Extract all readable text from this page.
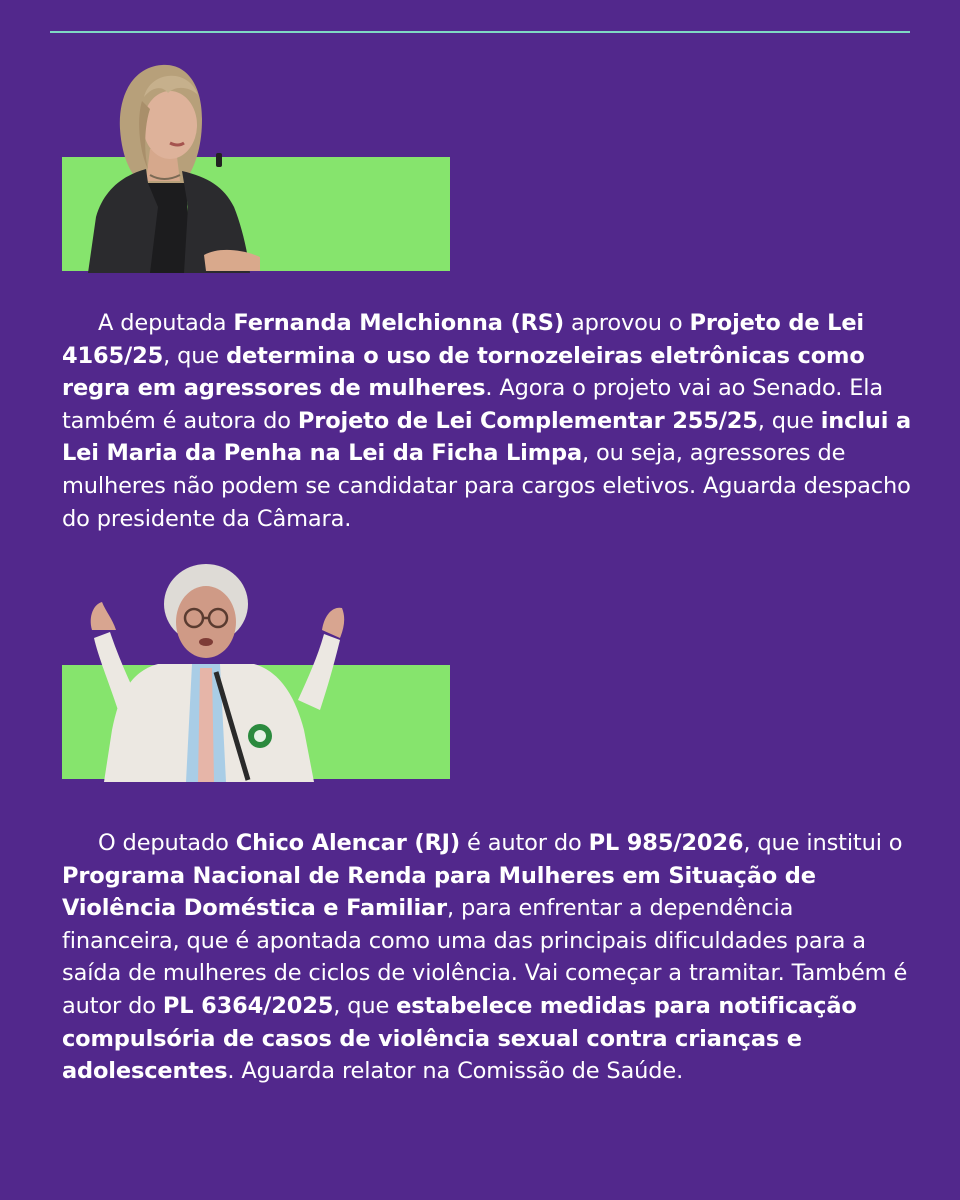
A deputada Fernanda Melchionna (RS) aprovou o Projeto de Lei 4165/25, que determina o uso de tornozeleiras eletrônicas como regra em agressores de mulheres. Agora o projeto vai ao Senado. Ela também é autora do Projeto de Lei Complementar 255/25, que inclui a Lei Maria da Penha na Lei da Ficha Limpa, ou seja, agressores de mulheres não podem se candidatar para cargos eletivos. Aguarda despacho do presidente da Câmara.

O deputado Chico Alencar (RJ) é autor do PL 985/2026, que institui o Programa Nacional de Renda para Mulheres em Situação de Violência Doméstica e Familiar, para enfrentar a dependência financeira, que é apontada como uma das principais dificuldades para a saída de mulheres de ciclos de violência. Vai começar a tramitar. Também é autor do PL 6364/2025, que estabelece medidas para notificação compulsória de casos de violência sexual contra crianças e adolescentes. Aguarda relator na Comissão de Saúde.
